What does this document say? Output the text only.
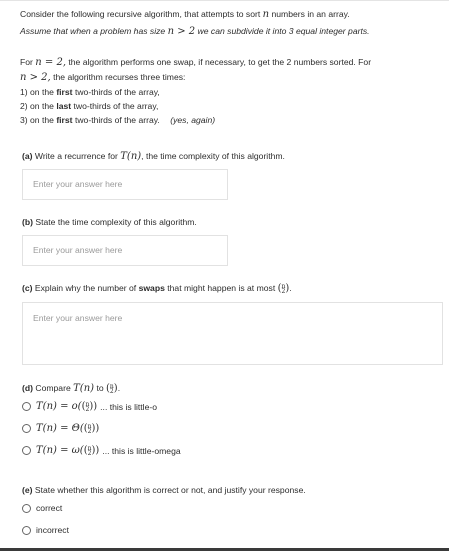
Consider the following recursive algorithm, that attempts to sort n numbers in an array.
Assume that when a problem has size n > 2 we can subdivide it into 3 equal integer parts.
For n = 2, the algorithm performs one swap, if necessary, to get the 2 numbers sorted. For
n > 2, the algorithm recurses three times:
1) on the first two-thirds of the array,
2) on the last two-thirds of the array,
3) on the first two-thirds of the array. (yes, again)
(a) Write a recurrence for T(n), the time complexity of this algorithm.
Enter your answer here
(b) State the time complexity of this algorithm.
Enter your answer here
(c) Explain why the number of swaps that might happen is at most (n
2).
Enter your answer here
(d) Compare T(n) to (n
2).
T(n) = o( (n
2 )) ... this is little-o
T(n) = Θ( (n
2 ))
T(n) = ω( (n
2 )) ... this is little-omega
(e) State whether this algorithm is correct or not, and justify your response.
correct
incorrect
